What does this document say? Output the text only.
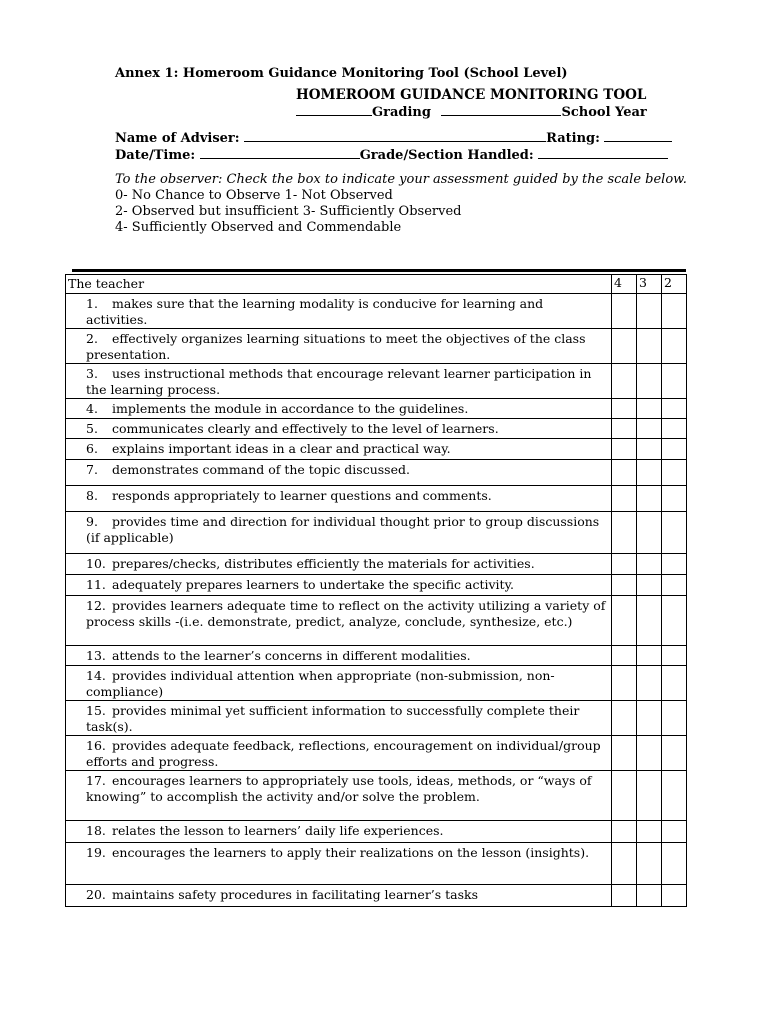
Annex 1: Homeroom Guidance Monitoring Tool (School Level)
HOMEROOM GUIDANCE MONITORING TOOL
Grading	School Year
Name of Adviser:	Rating:
Date/Time:	Grade/Section Handled:
To the observer: Check the box to indicate your assessment guided by the scale below.
0- No Chance to Observe 1- Not Observed
2- Observed but insufficient 3- Sufficiently Observed
4- Sufficiently Observed and Commendable
The teacher	4	3	2
1. makes sure that the learning modality is conducive for learning and activities.			
2. effectively organizes learning situations to meet the objectives of the class presentation.			
3. uses instructional methods that encourage relevant learner participation in the learning process.			
4. implements the module in accordance to the guidelines.			
5. communicates clearly and effectively to the level of learners.			
6. explains important ideas in a clear and practical way.			
7. demonstrates command of the topic discussed.			
8. responds appropriately to learner questions and comments.			
9. provides time and direction for individual thought prior to group discussions (if applicable)			
10. prepares/checks, distributes efficiently the materials for activities.			
11. adequately prepares learners to undertake the specific activity.			
12. provides learners adequate time to reflect on the activity utilizing a variety of process skills -(i.e. demonstrate, predict, analyze, conclude, synthesize, etc.)			
13. attends to the learner’s concerns in different modalities.			
14. provides individual attention when appropriate (non-submission, non-compliance)			
15. provides minimal yet sufficient information to successfully complete their task(s).			
16. provides adequate feedback, reflections, encouragement on individual/group efforts and progress.			
17. encourages learners to appropriately use tools, ideas, methods, or “ways of knowing” to accomplish the activity and/or solve the problem.			
18. relates the lesson to learners’ daily life experiences.			
19. encourages the learners to apply their realizations on the lesson (insights).			
20. maintains safety procedures in facilitating learner’s tasks			
